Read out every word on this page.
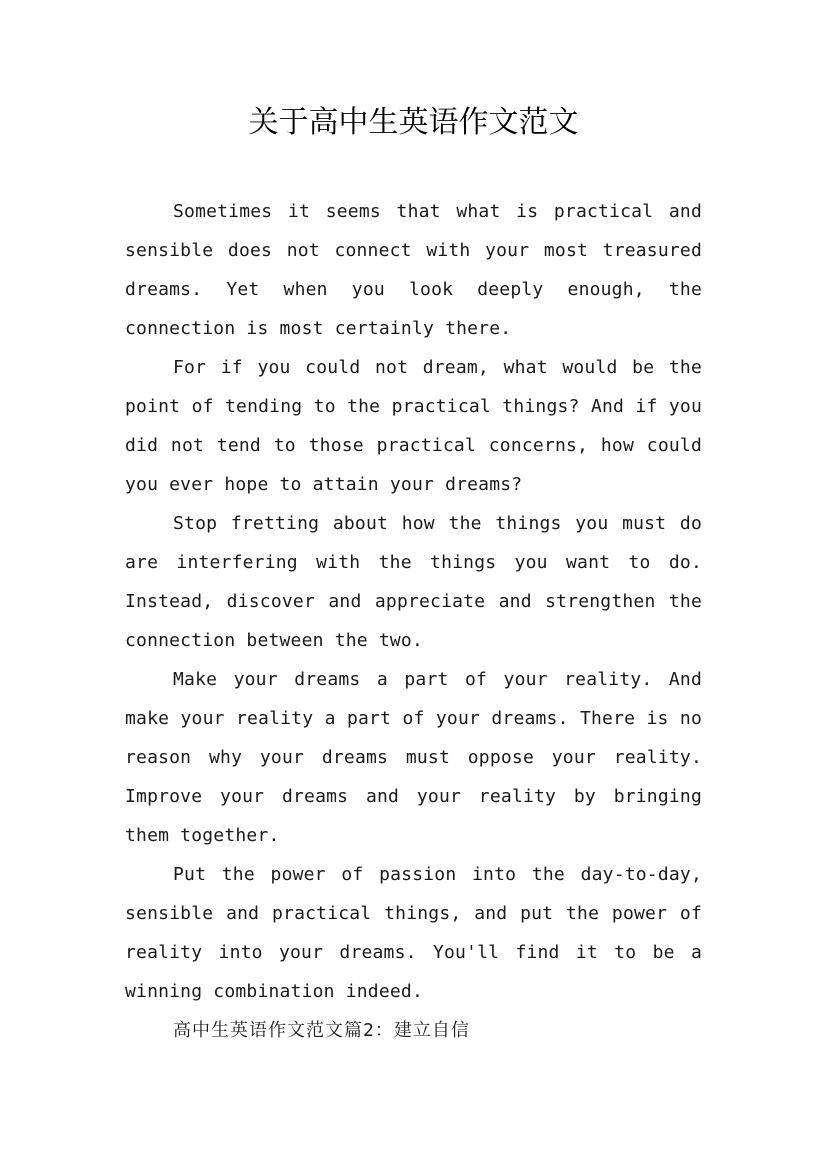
关于高中生英语作文范文

Sometimes it seems that what is practical and sensible does not connect with your most treasured dreams. Yet when you look deeply enough, the connection is most certainly there.

For if you could not dream, what would be the point of tending to the practical things? And if you did not tend to those practical concerns, how could you ever hope to attain your dreams?

Stop fretting about how the things you must do are interfering with the things you want to do. Instead, discover and appreciate and strengthen the connection between the two.

Make your dreams a part of your reality. And make your reality a part of your dreams. There is no reason why your dreams must oppose your reality. Improve your dreams and your reality by bringing them together.

Put the power of passion into the day-to-day, sensible and practical things, and put the power of reality into your dreams. You'll find it to be a winning combination indeed.

高中生英语作文范文篇2：建立自信
